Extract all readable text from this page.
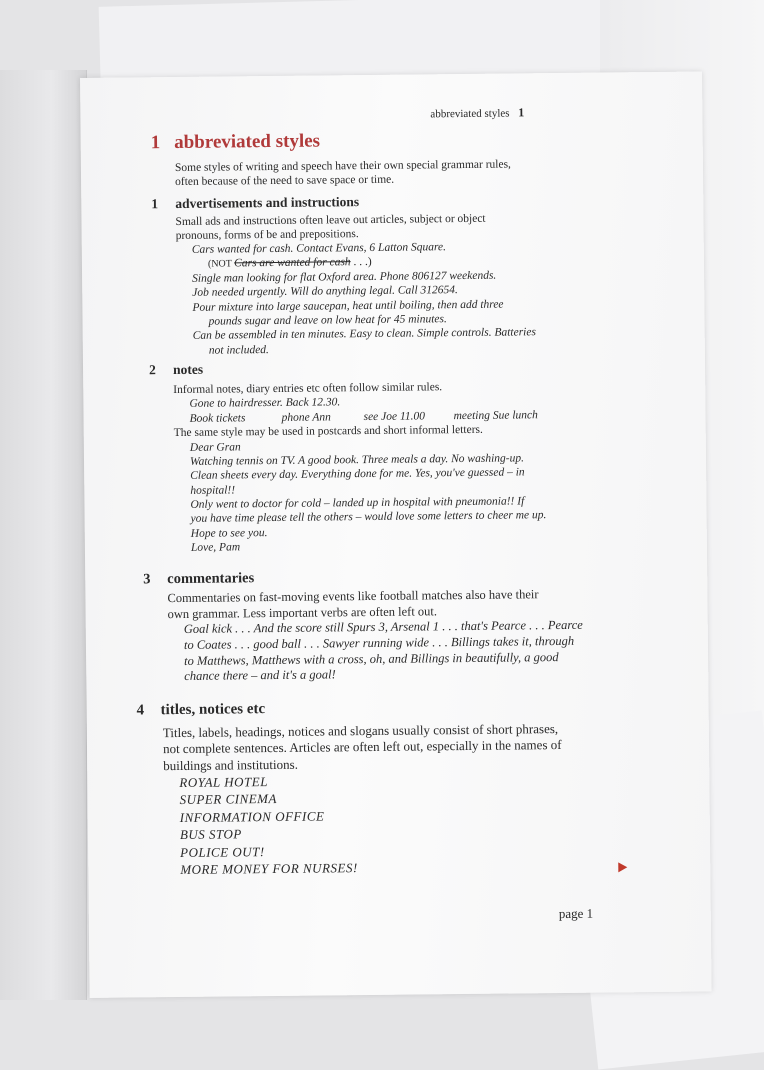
abbreviated styles 1
1 abbreviated styles
Some styles of writing and speech have their own special grammar rules,
often because of the need to save space or time.
1 advertisements and instructions
Small ads and instructions often leave out articles, subject or object
pronouns, forms of be and prepositions.
Cars wanted for cash. Contact Evans, 6 Latton Square.
(NOT Cars are wanted for cash . . .)
Single man looking for flat Oxford area. Phone 806127 weekends.
Job needed urgently. Will do anything legal. Call 312654.
Pour mixture into large saucepan, heat until boiling, then add three
pounds sugar and leave on low heat for 45 minutes.
Can be assembled in ten minutes. Easy to clean. Simple controls. Batteries
not included.
2 notes
Informal notes, diary entries etc often follow similar rules.
Gone to hairdresser. Back 12.30.
Book tickets	phone Ann	see Joe 11.00 meeting Sue lunch
The same style may be used in postcards and short informal letters.
Dear Gran
Watching tennis on TV. A good book. Three meals a day. No washing-up.
Clean sheets every day. Everything done for me. Yes, you've guessed – in
hospital!!
Only went to doctor for cold – landed up in hospital with pneumonia!! If
you have time please tell the others – would love some letters to cheer me up.
Hope to see you.
Love, Pam
3 commentaries
Commentaries on fast-moving events like football matches also have their
own grammar. Less important verbs are often left out.
Goal kick . . . And the score still Spurs 3, Arsenal 1 . . . that's Pearce . . . Pearce
to Coates . . . good ball . . . Sawyer running wide . . . Billings takes it, through
to Matthews, Matthews with a cross, oh, and Billings in beautifully, a good
chance there – and it's a goal!
4 titles, notices etc
Titles, labels, headings, notices and slogans usually consist of short phrases,
not complete sentences. Articles are often left out, especially in the names of
buildings and institutions.
ROYAL HOTEL
SUPER CINEMA
INFORMATION OFFICE
BUS STOP
POLICE OUT!
MORE MONEY FOR NURSES!
page 1
